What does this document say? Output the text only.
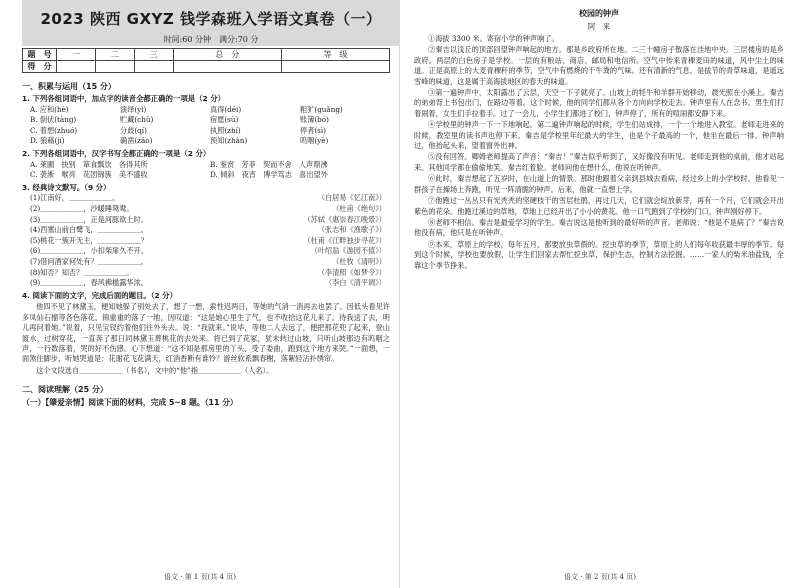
2023 陕西 GXYZ 钱学森班入学语文真卷（一）
时间:60 分钟　满分:70 分
题　号	一	二	三	总　分	等　级
得　分					
一、积累与运用（15 分）
1. 下列各组词语中，加点字的读音全都正确的一项是（2 分）
A. 应和(hè)	演绎(yì)	真得(déi)	粗犷(guǎng)
B. 倒伏(tàng)	贮藏(chǔ)	宿愿(sù)	账簿(bó)
C. 着想(zhuó)	分歧(qí)	执照(zhí)	停者(sì)
D. 狼藉(jí)	确凿(záo)	预知(zhàn)	呜咽(yè)
2. 下列各组词语中，汉字书写全都正确的一项是（2 分）
A. 莱圃　抉别　箪食瓢饮　各得其所	B. 鉴赏　芳菲　契而不舍　人声鼎沸
C. 袭淅　喉亮　花团锦簇　美不盛收	D. 倾斜　夜宵　博学笃志　喜出望外
3. 经典诗文默写。（9 分）
(1)江南好，＿＿＿＿＿＿。	（白居易《忆江南》）
(2)＿＿＿＿＿＿，沙暖睡鸳鸯。	（杜甫《绝句》）
(3)＿＿＿＿＿＿，正是河豚欲上时。	（苏轼《惠崇春江晚景》）
(4)西塞山前白鹭飞，＿＿＿＿＿＿。	（张志和《渔歌子》）
(5)桃花一簇开无主，＿＿＿＿＿＿？	（杜甫《江畔独步寻花》）
(6)＿＿＿＿＿＿，小扣柴扉久不开。	（叶绍翁《游园不值》）
(7)借问酒家何处有？＿＿＿＿＿＿。	（杜牧《清明》）
(8)知否？知否？＿＿＿＿＿＿。	（李清照《如梦令》）
(9)＿＿＿＿＿＿，春风拂槛露华浓。	（李白《清平调》）
4. 阅读下面的文字，完成后面的题目。（2 分）
他四不见了林黛玉，便知她躲了别处去了，想了一想，索性迟两日，等她的气消一消再去也罢了。因低头看见许多凤仙石榴等各色落花，锦重重的落了一地，因叹道：“这是她心里生了气，也不收拾这花儿来了。待我送了去，明儿再问着她。”说着，只见宝钗约着他们往外头去。说：“我就来。”说毕，等他二人去远了，便把那花兜了起来，登山渡水，过树穿花，一直奔了那日同林黛玉葬桃花的去处来。将已到了花冢，犹未转过山坡，只听山坡那边有呜咽之声，一行数落着，哭的好不伤感。心下想道：“这不知是那房里的丫头，受了委曲，跑到这个地方来哭。”一面想，一面煞住脚步，听她哭道是：花谢花飞花满天，红消香断有谁怜？游丝软系飘春榭，落絮轻沾扑绣帘。
这个文段选自＿＿＿＿＿＿（书名），文中的“他”指＿＿＿＿＿＿（人名）。
二、阅读理解（25 分）
（一）【肇爱亲情】阅读下面的材料，完成 5~8 题。（11 分）
语文 · 第 1 页(共 4 页)
校园的钟声
阿　来
①海拔 3300 米。寄宿小学的钟声响了。
②秦吉以浅丘的顶部回望钟声响起的地方。那是乡政府所在地。二三十幢房子散落在洼地中央。三层楼房的是乡政府。两层的白色房子是学校。一层的有粮站、商店、邮局和电信所。空气中传来青稞麦田的味道，风中尘土的味道。正是高原上的大麦青稞秆的季节，空气中有燃烧的干牛粪的气味。还有清新的气息，是拔节的青草味道，是遥远雪峰的味道，这是属于高海拔地区的春天的味道。
③第一遍钟声中，太阳露出了云层，天空一下子就亮了。山坡上的牦牛和羊群开始移动，晨光照在小溪上。秦吉的弟弟背上书包出门，在路边等着。这个时候，他的同学们都从各个方向向学校走去。钟声里有人在念书。男生们打着闹着，女生们手拉着手。过了一会儿，小学生们都进了校门，钟声停了，所有的喧闹都安静下来。
④学校里的钟声一下一下地响起。第二遍钟声响起的时候，学生们站成排，一个一个地进入教室。老师走进来的时候，教室里的读书声也停下来。秦吉是学校里年纪最大的学生，也是个子最高的一个，他坐在最后一排。钟声响过，他抬起头来，望着窗外出神。
⑤没有回答。卿姆老师提高了声音：“秦吉！”秦吉似乎听到了，又好像没有听见。老师走到他的桌前，他才站起来。其他同学都在偷偷地笑。秦吉红着脸。老师问他在想什么，他说在听钟声。
⑥此时，秦吉想起了五岁时，在山道上的情景。那时他跟着父亲到县城去看病，经过乡上的小学校时，他看见一群孩子在操场上奔跑，听见一阵清脆的钟声。后来，他就一直想上学。
⑦他跑过一丛丛只有光秃秃的坚硬枝干的雪层杜鹃，再过几天，它们就会绽放新芽，再有一个月，它们就会开出紫色的花朵。他跑过溪边的草地，草地上已经开出了小小的黄花。他一口气跑到了学校的门口，钟声刚好停下。
⑧老师不相信。秦吉是最爱学习的学生。秦吉说这是他听到的最好听的声音。老师说：“他是不是病了？”秦吉说他没有病，他只是在听钟声。
⑨本来，草原上的学校，每年五月，都要放虫草假的。挖虫草的季节，草原上的人们每年收获最丰厚的季节。每到这个时候，学校也要放假，让学生们回家去帮忙挖虫草，保护生态，控制方法挖掘。……一家人的柴米油盐钱，全靠这个季节挣来。
语文 · 第 2 页(共 4 页)
